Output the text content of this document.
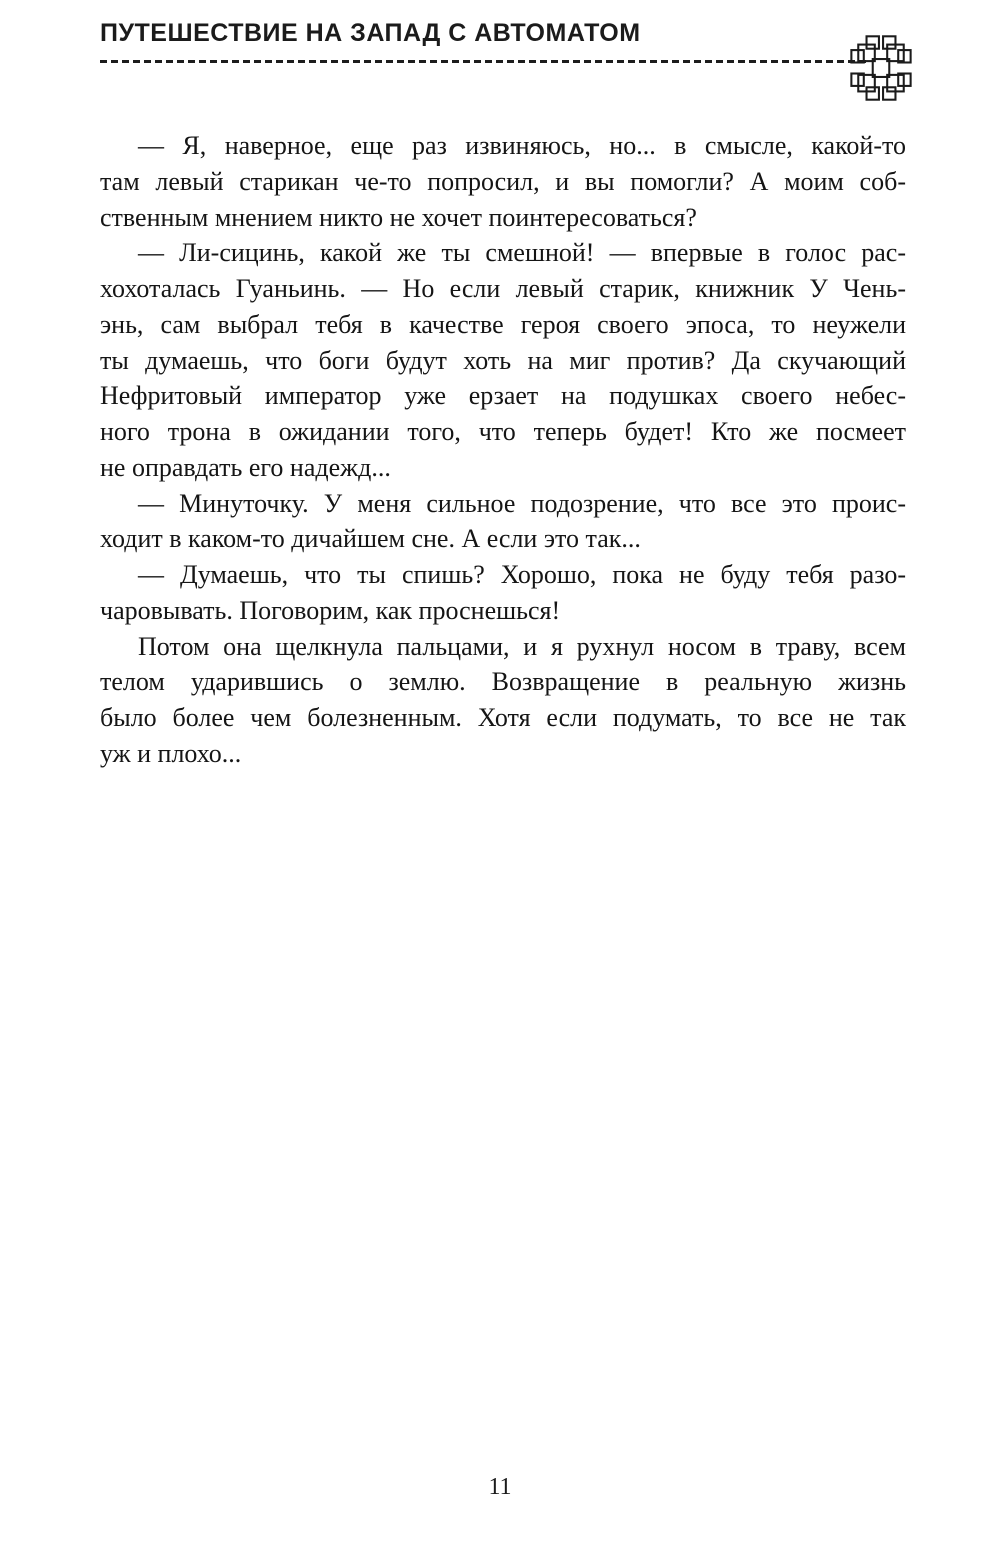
ПУТЕШЕСТВИЕ НА ЗАПАД С АВТОМАТОМ
— Я, наверное, еще раз извиняюсь, но... в смысле, какой-то
там левый старикан че-то попросил, и вы помогли? А моим соб-
ственным мнением никто не хочет поинтересоваться?
— Ли-сицинь, какой же ты смешной! — впервые в голос рас-
хохоталась Гуаньинь. — Но если левый старик, книжник У Чень-
энь, сам выбрал тебя в качестве героя своего эпоса, то неужели
ты думаешь, что боги будут хоть на миг против? Да скучающий
Нефритовый император уже ерзает на подушках своего небес-
ного трона в ожидании того, что теперь будет! Кто же посмеет
не оправдать его надежд...
— Минуточку. У меня сильное подозрение, что все это проис-
ходит в каком-то дичайшем сне. А если это так...
— Думаешь, что ты спишь? Хорошо, пока не буду тебя разо-
чаровывать. Поговорим, как проснешься!
Потом она щелкнула пальцами, и я рухнул носом в траву, всем
телом ударившись о землю. Возвращение в реальную жизнь
было более чем болезненным. Хотя если подумать, то все не так
уж и плохо...
11
